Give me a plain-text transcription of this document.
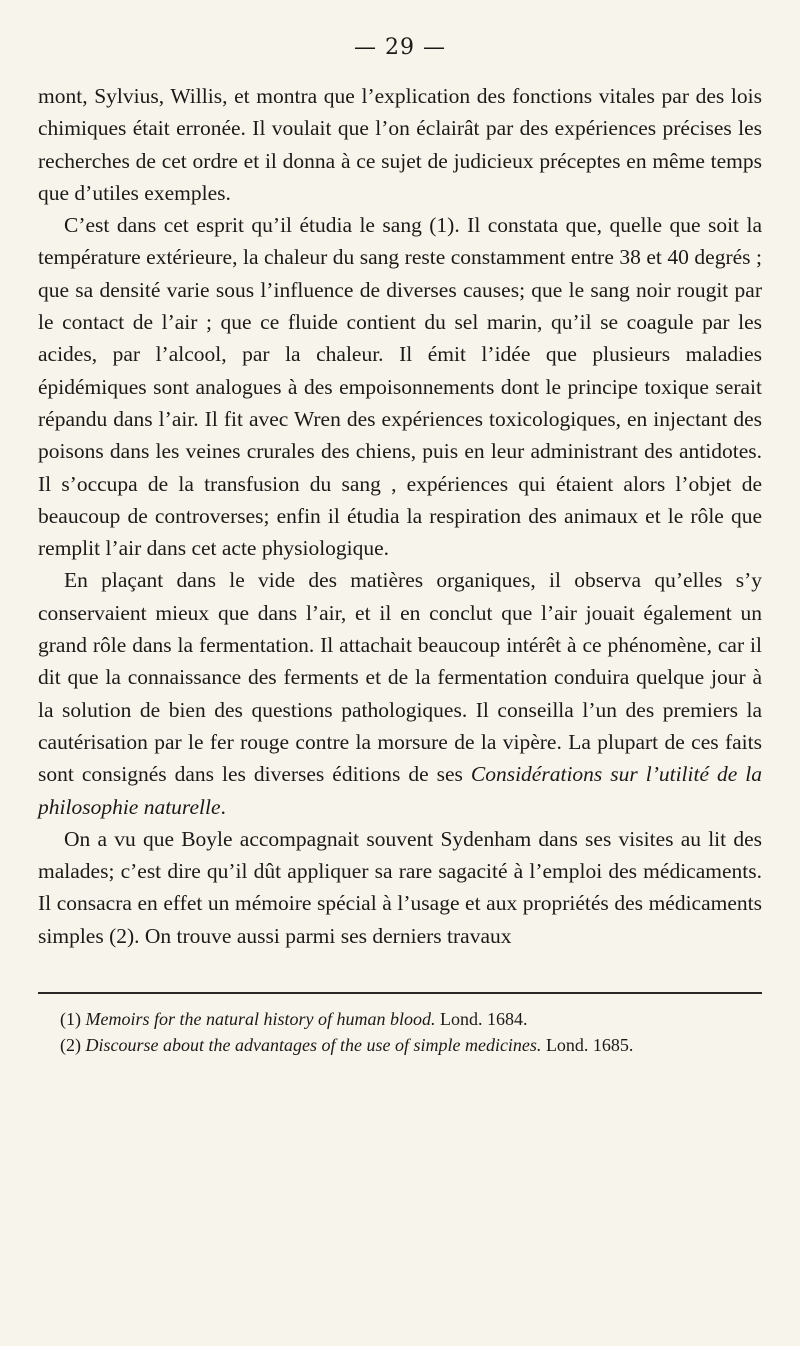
— 29 —

mont, Sylvius, Willis, et montra que l’explication des fonctions vitales par des lois chimiques était erronée. Il voulait que l’on éclairât par des expériences précises les recherches de cet ordre et il donna à ce sujet de judicieux préceptes en même temps que d’utiles exemples.

C’est dans cet esprit qu’il étudia le sang (1). Il constata que, quelle que soit la température extérieure, la chaleur du sang reste constamment entre 38 et 40 degrés ; que sa densité varie sous l’influence de diverses causes; que le sang noir rougit par le contact de l’air ; que ce fluide contient du sel marin, qu’il se coagule par les acides, par l’alcool, par la chaleur. Il émit l’idée que plusieurs maladies épidémiques sont analogues à des empoisonnements dont le principe toxique serait répandu dans l’air. Il fit avec Wren des expériences toxicologiques, en injectant des poisons dans les veines crurales des chiens, puis en leur administrant des antidotes. Il s’occupa de la transfusion du sang , expériences qui étaient alors l’objet de beaucoup de controverses; enfin il étudia la respiration des animaux et le rôle que remplit l’air dans cet acte physiologique.

En plaçant dans le vide des matières organiques, il observa qu’elles s’y conservaient mieux que dans l’air, et il en conclut que l’air jouait également un grand rôle dans la fermentation. Il attachait beaucoup intérêt à ce phénomène, car il dit que la connaissance des ferments et de la fermentation conduira quelque jour à la solution de bien des questions pathologiques. Il conseilla l’un des premiers la cautérisation par le fer rouge contre la morsure de la vipère. La plupart de ces faits sont consignés dans les diverses éditions de ses Considérations sur l’utilité de la philosophie naturelle.

On a vu que Boyle accompagnait souvent Sydenham dans ses visites au lit des malades; c’est dire qu’il dût appliquer sa rare sagacité à l’emploi des médicaments. Il consacra en effet un mémoire spécial à l’usage et aux propriétés des médicaments simples (2). On trouve aussi parmi ses derniers travaux

(1) Memoirs for the natural history of human blood. Lond. 1684.

(2) Discourse about the advantages of the use of simple medicines. Lond. 1685.
